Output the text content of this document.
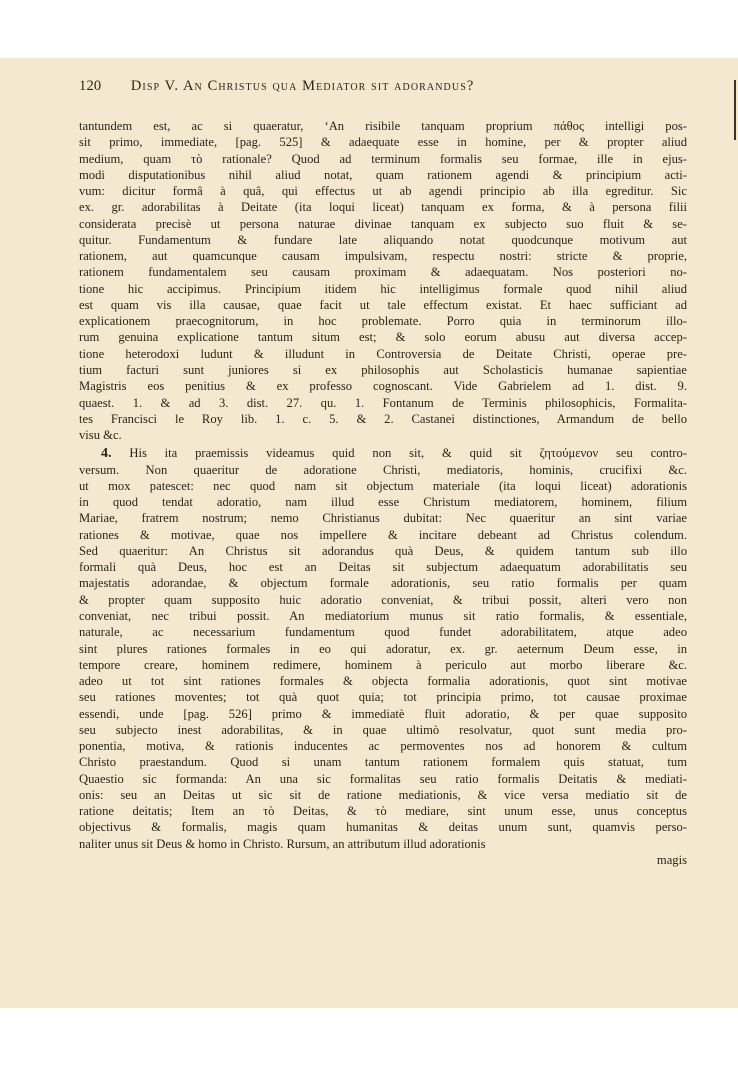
120 Disp V. An Christus qua Mediator sit adorandus?
tantundem est, ac si quaeratur, ‘An risibile tanquam proprium πάθος intelligi pos-
sit primo, immediate, [pag. 525] & adaequate esse in homine, per & propter aliud
medium, quam τὸ rationale? Quod ad terminum formalis seu formae, ille in ejus-
modi disputationibus nihil aliud notat, quam rationem agendi & principium acti-
vum: dicitur formâ à quâ, qui effectus ut ab agendi principio ab illa egreditur. Sic
ex. gr. adorabilitas à Deitate (ita loqui liceat) tanquam ex forma, & à persona filii
considerata precisè ut persona naturae divinae tanquam ex subjecto suo fluit & se-
quitur. Fundamentum & fundare late aliquando notat quodcunque motivum aut
rationem, aut quamcunque causam impulsivam, respectu nostri: stricte & proprie,
rationem fundamentalem seu causam proximam & adaequatam. Nos posteriori no-
tione hic accipimus. Principium itidem hic intelligimus formale quod nihil aliud
est quam vis illa causae, quae facit ut tale effectum existat. Et haec sufficiant ad
explicationem praecognitorum, in hoc problemate. Porro quia in terminorum illo-
rum genuina explicatione tantum situm est; & solo eorum abusu aut diversa accep-
tione heterodoxi ludunt & illudunt in Controversia de Deitate Christi, operae pre-
tium facturi sunt juniores si ex philosophis aut Scholasticis humanae sapientiae
Magistris eos penitius & ex professo cognoscant. Vide Gabrielem ad 1. dist. 9.
quaest. 1. & ad 3. dist. 27. qu. 1. Fontanum de Terminis philosophicis, Formalita-
tes Francisci le Roy lib. 1. c. 5. & 2. Castanei distinctiones, Armandum de bello
visu &c.
4. His ita praemissis videamus quid non sit, & quid sit ζητούμενον seu contro-
versum. Non quaeritur de adoratione Christi, mediatoris, hominis, crucifixi &c.
ut mox patescet: nec quod nam sit objectum materiale (ita loqui liceat) adorationis
in quod tendat adoratio, nam illud esse Christum mediatorem, hominem, filium
Mariae, fratrem nostrum; nemo Christianus dubitat: Nec quaeritur an sint variae
rationes & motivae, quae nos impellere & incitare debeant ad Christus colendum.
Sed quaeritur: An Christus sit adorandus quà Deus, & quidem tantum sub illo
formali quà Deus, hoc est an Deitas sit subjectum adaequatum adorabilitatis seu
majestatis adorandae, & objectum formale adorationis, seu ratio formalis per quam
& propter quam supposito huic adoratio conveniat, & tribui possit, alteri vero non
conveniat, nec tribui possit. An mediatorium munus sit ratio formalis, & essentiale,
naturale, ac necessarium fundamentum quod fundet adorabilitatem, atque adeo
sint plures rationes formales in eo qui adoratur, ex. gr. aeternum Deum esse, in
tempore creare, hominem redimere, hominem à periculo aut morbo liberare &c.
adeo ut tot sint rationes formales & objecta formalia adorationis, quot sint motivae
seu rationes moventes; tot quà quot quia; tot principia primo, tot causae proximae
essendi, unde [pag. 526] primo & immediatè fluit adoratio, & per quae supposito
seu subjecto inest adorabilitas, & in quae ultimò resolvatur, quot sunt media pro-
ponentia, motiva, & rationis inducentes ac permoventes nos ad honorem & cultum
Christo praestandum. Quod si unam tantum rationem formalem quis statuat, tum
Quaestio sic formanda: An una sic formalitas seu ratio formalis Deitatis & mediati-
onis: seu an Deitas ut sic sit de ratione mediationis, & vice versa mediatio sit de
ratione deitatis; Item an τὸ Deitas, & τὸ mediare, sint unum esse, unus conceptus
objectivus & formalis, magis quam humanitas & deitas unum sunt, quamvis perso-
naliter unus sit Deus & homo in Christo. Rursum, an attributum illud adorationis
magis
